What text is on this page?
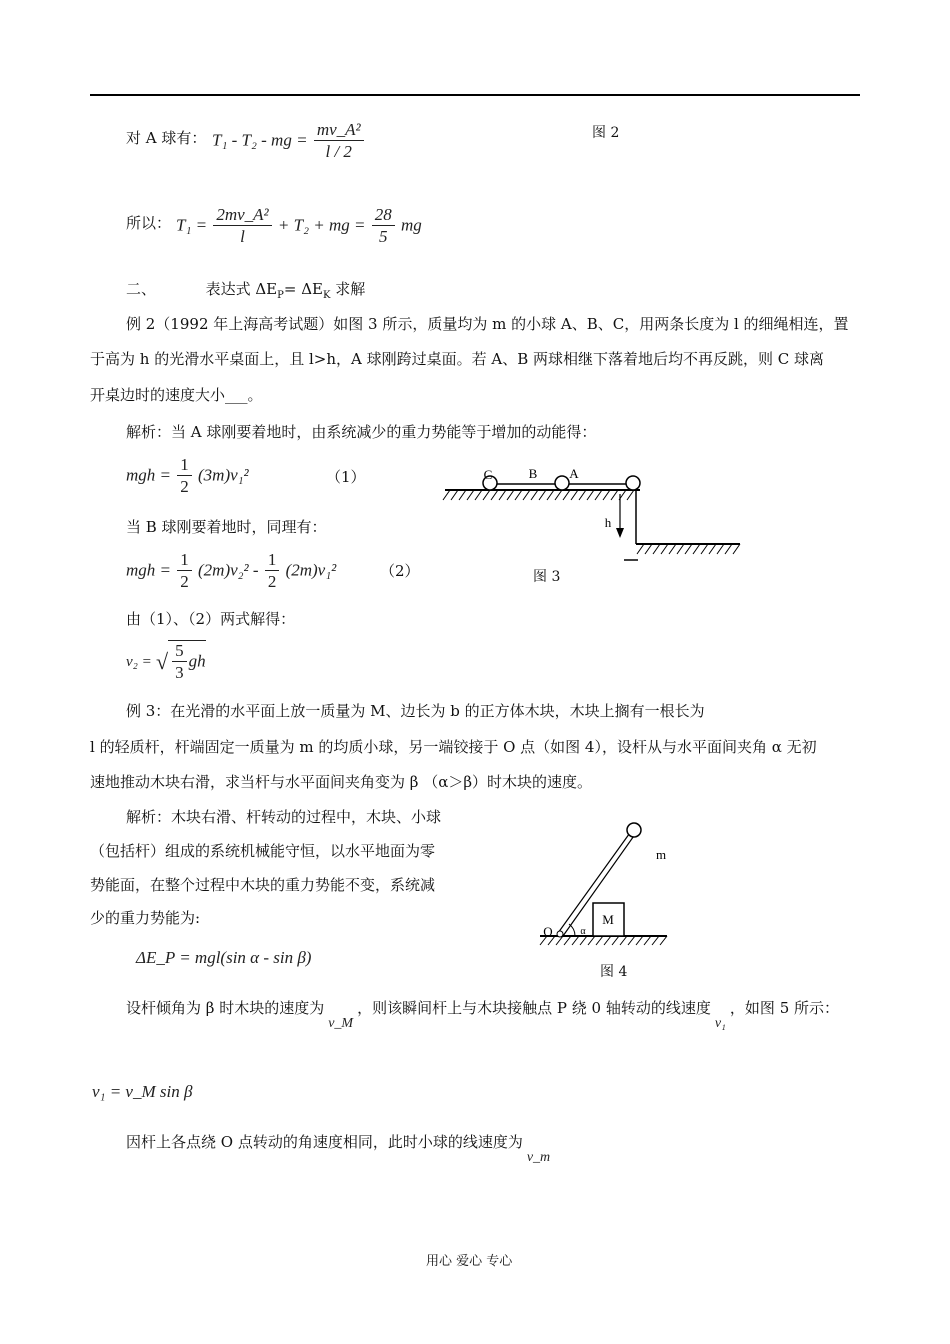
对 A 球有： T₁ - T₂ - mg = $\frac{\text{mv\_A²}}{l / 2}$	图 2
所以： $T_1 = \frac{\text{2mv\_A²}}{l} + T_2$ + mg = $\frac{28}{5}$ mg
二、	表达式 $\Delta E_P= \Delta E_K$ 求解
例 2（1992 年上海高考试题）如图 3 所示，质量均为 m 的小球 A、B、C，用两条长度为 l 的细绳相连，置
于高为 h 的光滑水平桌面上，且 l>h，A 球刚跨过桌面。若 A、B 两球相继下落着地后均不再反跳，则 C 球离
开桌边时的速度大小___。
解析：当 A 球刚要着地时，由系统减少的重力势能等于增加的动能得：
mgh = $\frac{1}{2} (3m)v_1^2$	（1）	C	B A
h
图 3
当 B 球刚要着地时，同理有：
mgh = $\frac{1}{2} (2m)v_2^2 - \frac{1}{2} (2m)v_1^2$	（2）
由（1）、（2）两式解得：
v₂ = √ $\frac{5}{3}$ gh
例 3：在光滑的水平面上放一质量为 M、边长为 b 的正方体木块，木块上搁有一根长为
l 的轻质杆，杆端固定一质量为 m 的均质小球，另一端铰接于 O 点（如图 4），设杆从与水平面间夹角 α 无初
速地推动木块右滑，求当杆与水平面间夹角变为 β （α＞β）时木块的速度。
解析：木块右滑、杆转动的过程中，木块、小球
（包括杆）组成的系统机械能守恒，以水平地面为零
势能面，在整个过程中木块的重力势能不变，系统减
少的重力势能为:
ΔE_P = mgl(sin α - sin β)
m
M
O	α
图 4
设杆倾角为 β 时木块的速度为v_M，则该瞬间杆上与木块接触点 P 绕 0 轴转动的线速度v₁，如图 5 所示：
v₁ = v_M sin β
因杆上各点绕 O 点转动的角速度相同，此时小球的线速度为v_m
用心 爱心 专心
